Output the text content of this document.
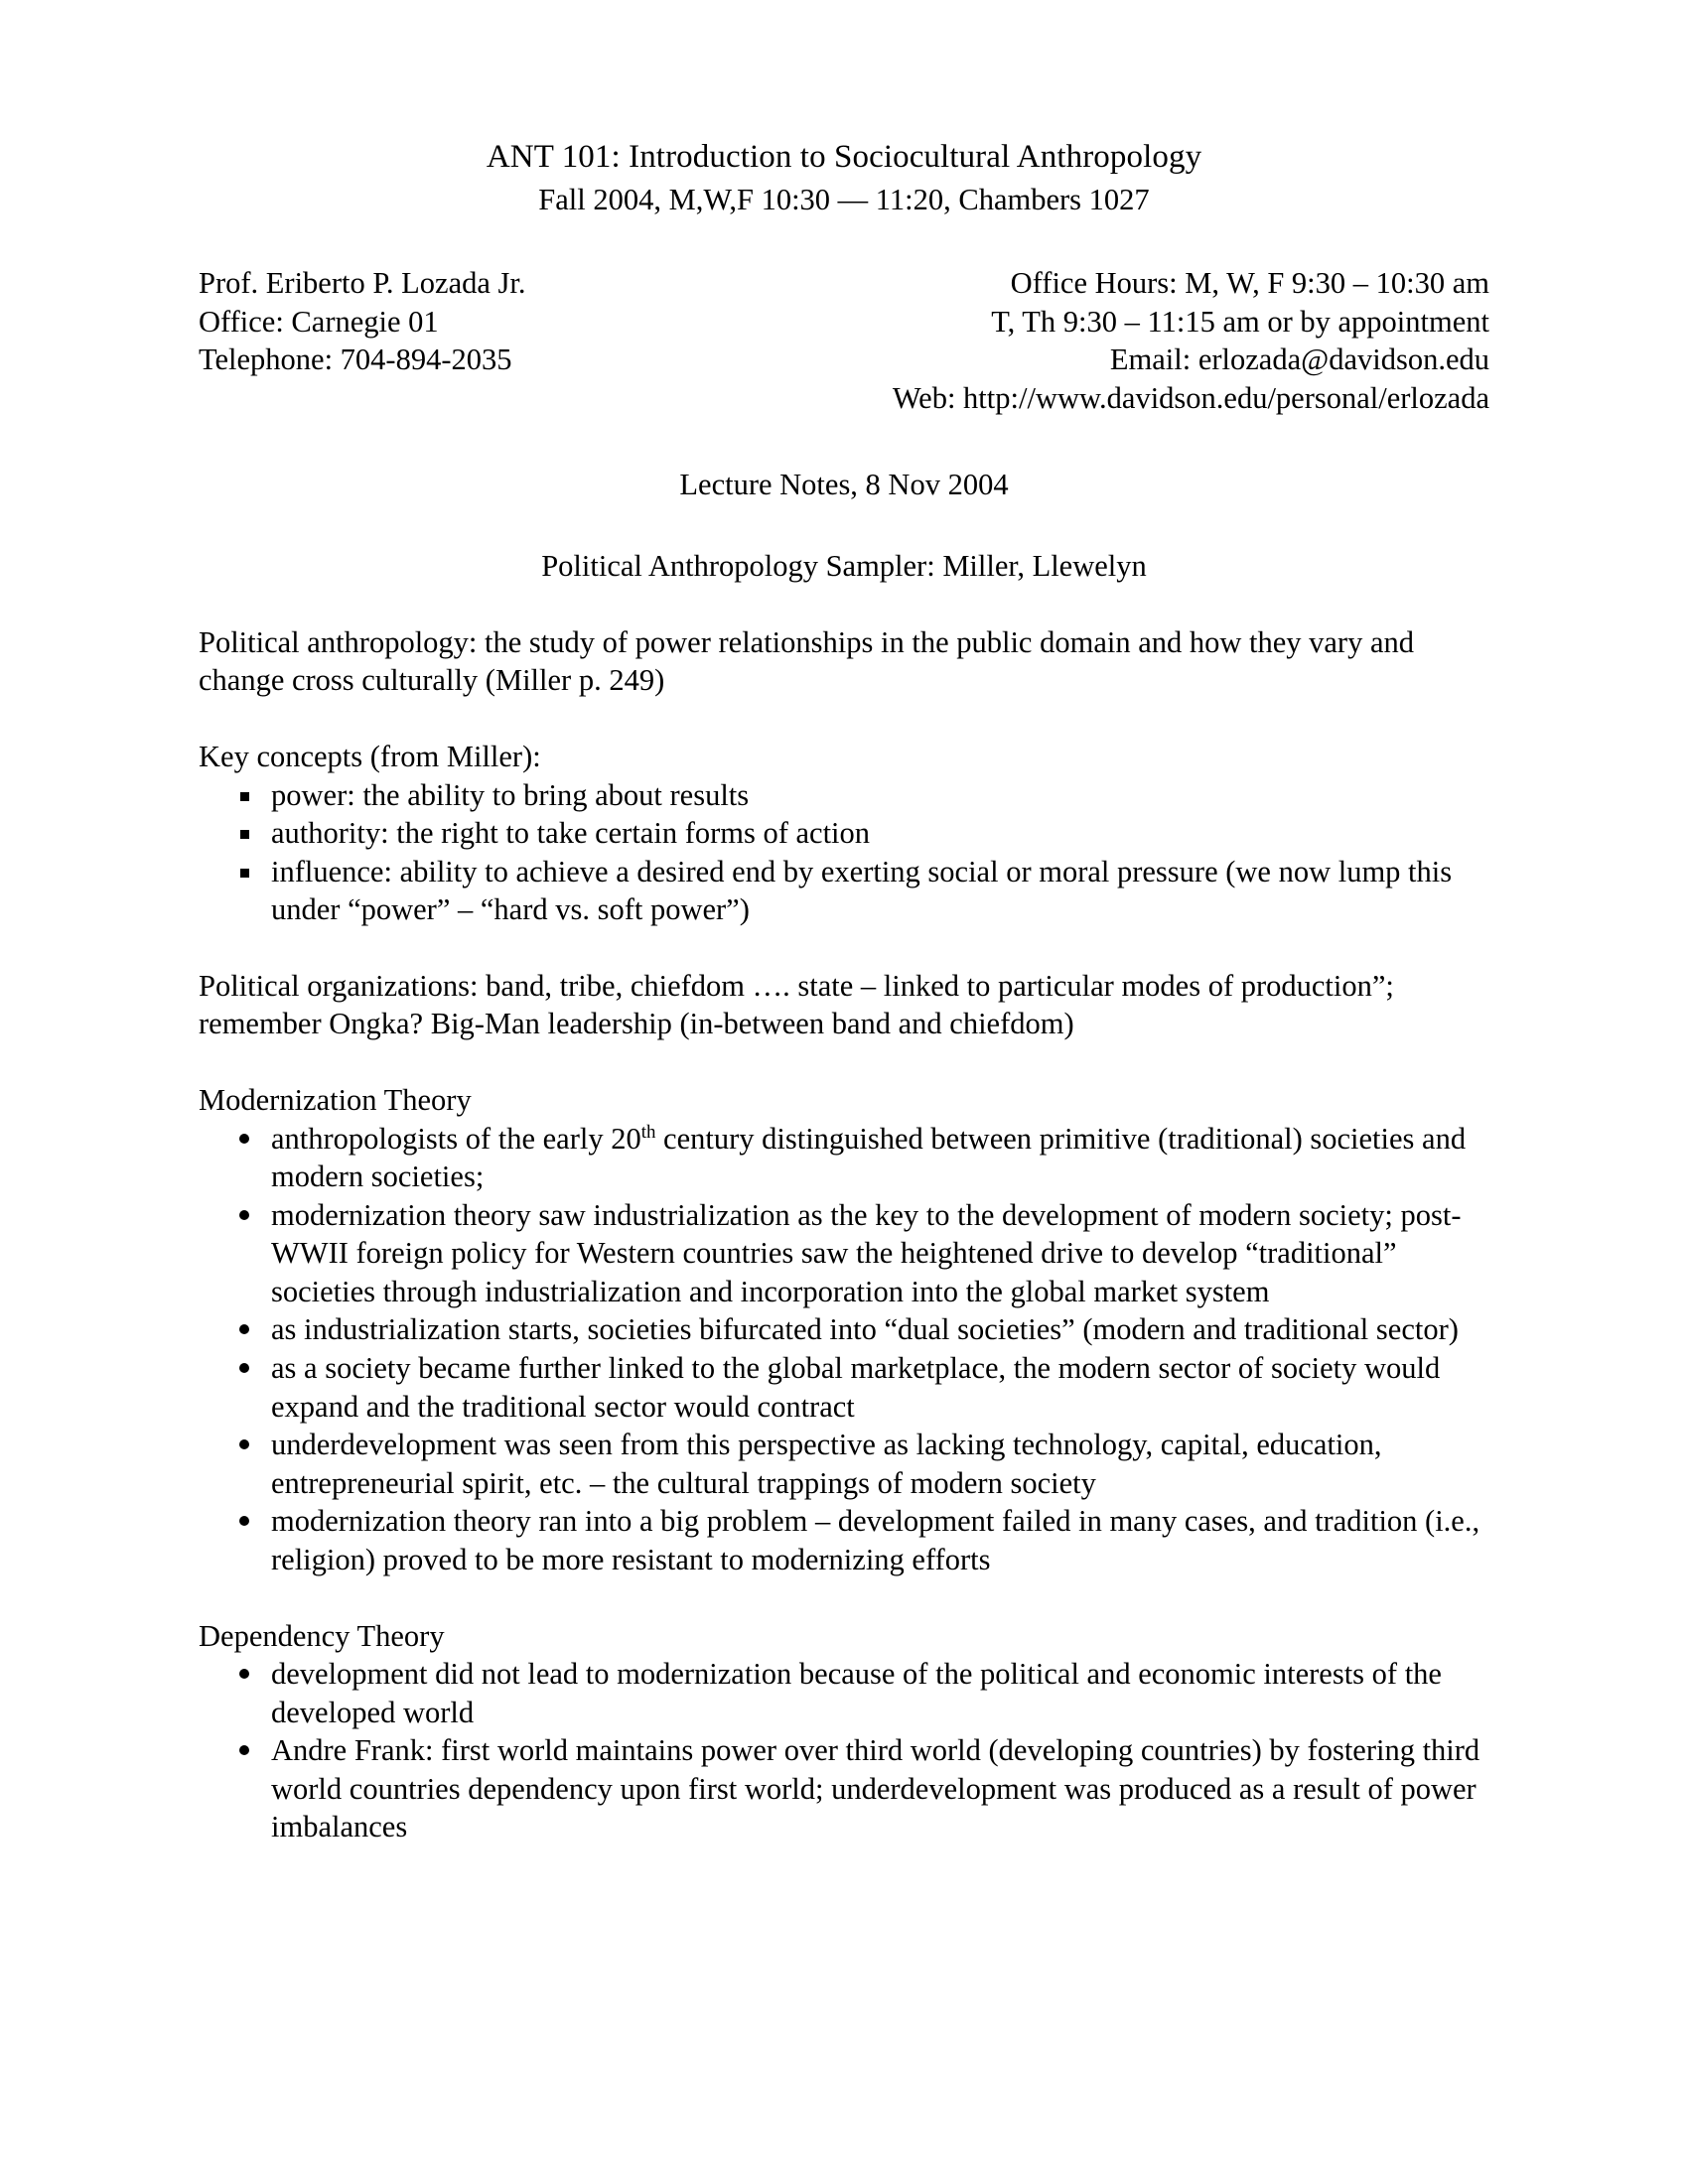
ANT 101: Introduction to Sociocultural Anthropology
Fall 2004, M,W,F 10:30 — 11:20, Chambers 1027
Prof. Eriberto P. Lozada Jr.
Office: Carnegie 01
Telephone: 704-894-2035
Office Hours: M, W, F 9:30 – 10:30 am
T, Th 9:30 – 11:15 am or by appointment
Email: erlozada@davidson.edu
Web: http://www.davidson.edu/personal/erlozada
Lecture Notes, 8 Nov 2004
Political Anthropology Sampler: Miller, Llewelyn

Political anthropology: the study of power relationships in the public domain and how they vary and change cross culturally (Miller p. 249)

Key concepts (from Miller):

power: the ability to bring about results
authority: the right to take certain forms of action
influence: ability to achieve a desired end by exerting social or moral pressure (we now lump this under “power” – “hard vs. soft power”)

Political organizations: band, tribe, chiefdom …. state – linked to particular modes of production”; remember Ongka? Big-Man leadership (in-between band and chiefdom)

Modernization Theory

anthropologists of the early 20th century distinguished between primitive (traditional) societies and modern societies;
modernization theory saw industrialization as the key to the development of modern society; post-WWII foreign policy for Western countries saw the heightened drive to develop “traditional” societies through industrialization and incorporation into the global market system
as industrialization starts, societies bifurcated into “dual societies” (modern and traditional sector)
as a society became further linked to the global marketplace, the modern sector of society would expand and the traditional sector would contract
underdevelopment was seen from this perspective as lacking technology, capital, education, entrepreneurial spirit, etc. – the cultural trappings of modern society
modernization theory ran into a big problem – development failed in many cases, and tradition (i.e., religion) proved to be more resistant to modernizing efforts

Dependency Theory

development did not lead to modernization because of the political and economic interests of the developed world
Andre Frank: first world maintains power over third world (developing countries) by fostering third world countries dependency upon first world; underdevelopment was produced as a result of power imbalances
